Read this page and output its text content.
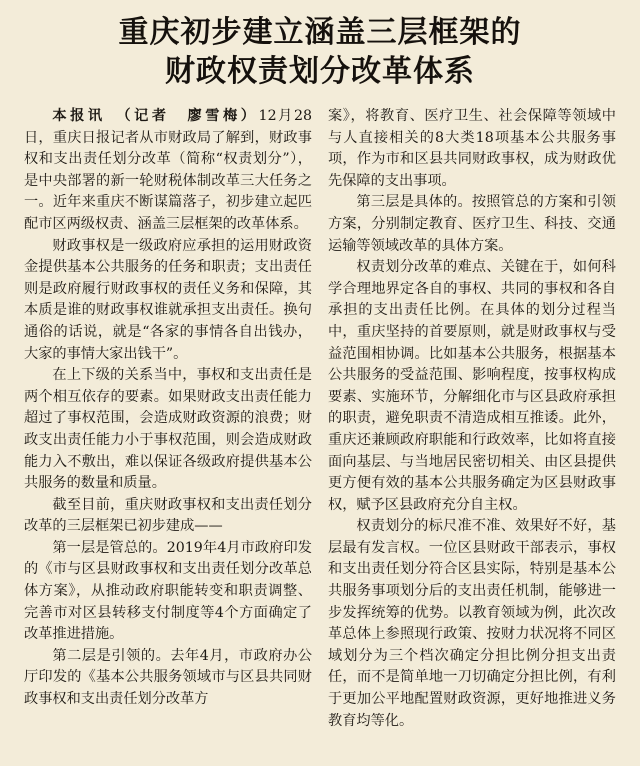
重庆初步建立涵盖三层框架的
财政权责划分改革体系

本报讯　（记者　廖雪梅）12月28日，重庆日报记者从市财政局了解到，财政事权和支出责任划分改革（简称“权责划分”），是中央部署的新一轮财税体制改革三大任务之一。近年来重庆不断谋篇落子，初步建立起匹配市区两级权责、涵盖三层框架的改革体系。

财政事权是一级政府应承担的运用财政资金提供基本公共服务的任务和职责；支出责任则是政府履行财政事权的责任义务和保障，其本质是谁的财政事权谁就承担支出责任。换句通俗的话说，就是“各家的事情各自出钱办，大家的事情大家出钱干”。

在上下级的关系当中，事权和支出责任是两个相互依存的要素。如果财政支出责任能力超过了事权范围，会造成财政资源的浪费；财政支出责任能力小于事权范围，则会造成财政能力入不敷出，难以保证各级政府提供基本公共服务的数量和质量。

截至目前，重庆财政事权和支出责任划分改革的三层框架已初步建成——

第一层是管总的。2019年4月市政府印发的《市与区县财政事权和支出责任划分改革总体方案》，从推动政府职能转变和职责调整、完善市对区县转移支付制度等4个方面确定了改革推进措施。

第二层是引领的。去年4月，市政府办公厅印发的《基本公共服务领域市与区县共同财政事权和支出责任划分改革方

案》，将教育、医疗卫生、社会保障等领域中与人直接相关的8大类18项基本公共服务事项，作为市和区县共同财政事权，成为财政优先保障的支出事项。

第三层是具体的。按照管总的方案和引领方案，分别制定教育、医疗卫生、科技、交通运输等领域改革的具体方案。

权责划分改革的难点、关键在于，如何科学合理地界定各自的事权、共同的事权和各自承担的支出责任比例。在具体的划分过程当中，重庆坚持的首要原则，就是财政事权与受益范围相协调。比如基本公共服务，根据基本公共服务的受益范围、影响程度，按事权构成要素、实施环节，分解细化市与区县政府承担的职责，避免职责不清造成相互推诿。此外，重庆还兼顾政府职能和行政效率，比如将直接面向基层、与当地居民密切相关、由区县提供更方便有效的基本公共服务确定为区县财政事权，赋予区县政府充分自主权。

权责划分的标尺准不准、效果好不好，基层最有发言权。一位区县财政干部表示，事权和支出责任划分符合区县实际，特别是基本公共服务事项划分后的支出责任机制，能够进一步发挥统筹的优势。以教育领域为例，此次改革总体上参照现行政策、按财力状况将不同区域划分为三个档次确定分担比例分担支出责任，而不是简单地一刀切确定分担比例，有利于更加公平地配置财政资源，更好地推进义务教育均等化。
